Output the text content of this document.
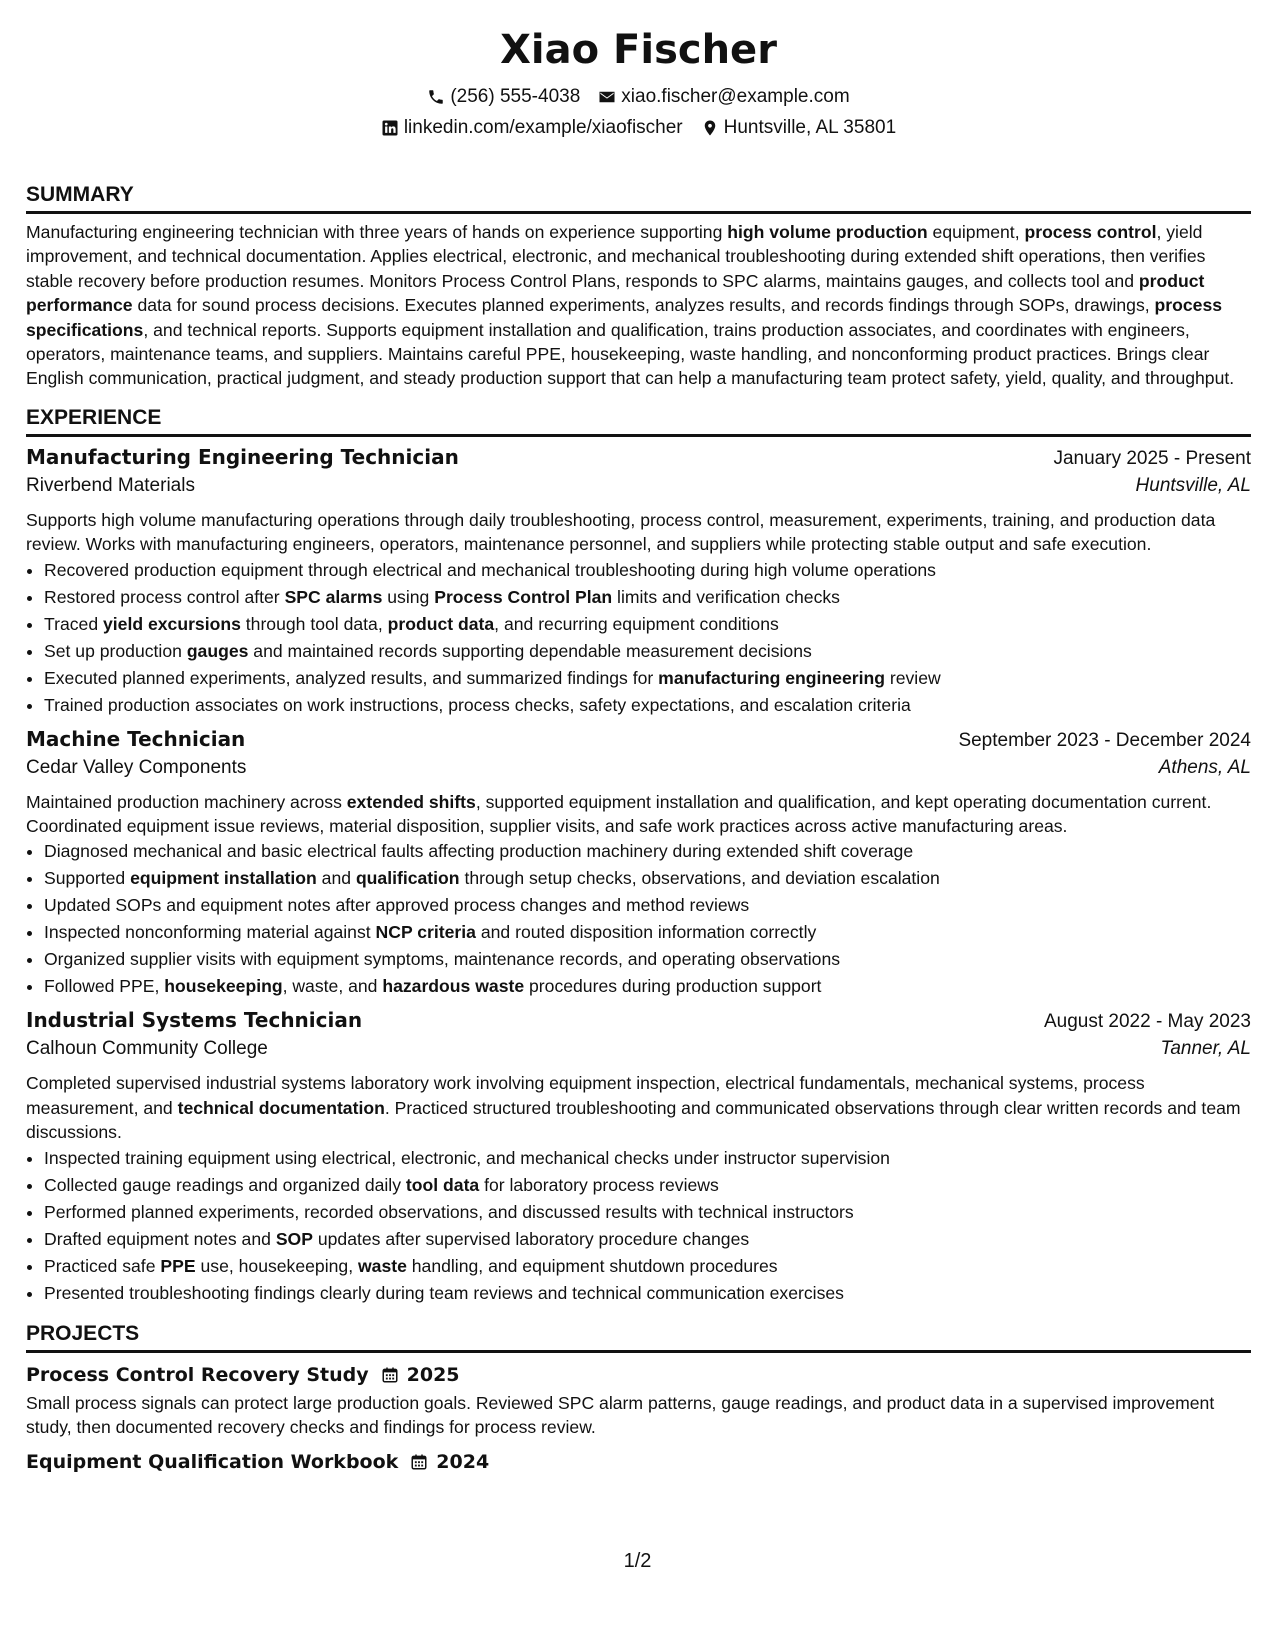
Xiao Fischer
(256) 555-4038 xiao.fischer@example.com
linkedin.com/example/xiaofischer Huntsville, AL 35801
SUMMARY

Manufacturing engineering technician with three years of hands on experience supporting high volume production equipment, process control, yield improvement, and technical documentation. Applies electrical, electronic, and mechanical troubleshooting during extended shift operations, then verifies stable recovery before production resumes. Monitors Process Control Plans, responds to SPC alarms, maintains gauges, and collects tool and product performance data for sound process decisions. Executes planned experiments, analyzes results, and records findings through SOPs, drawings, process specifications, and technical reports. Supports equipment installation and qualification, trains production associates, and coordinates with engineers, operators, maintenance teams, and suppliers. Maintains careful PPE, housekeeping, waste handling, and nonconforming product practices. Brings clear English communication, practical judgment, and steady production support that can help a manufacturing team protect safety, yield, quality, and throughput.

EXPERIENCE
Manufacturing Engineering Technician	January 2025 - Present
Riverbend Materials	Huntsville, AL

Supports high volume manufacturing operations through daily troubleshooting, process control, measurement, experiments, training, and production data review. Works with manufacturing engineers, operators, maintenance personnel, and suppliers while protecting stable output and safe execution.

• Recovered production equipment through electrical and mechanical troubleshooting during high volume operations
• Restored process control after SPC alarms using Process Control Plan limits and verification checks
• Traced yield excursions through tool data, product data, and recurring equipment conditions
• Set up production gauges and maintained records supporting dependable measurement decisions
• Executed planned experiments, analyzed results, and summarized findings for manufacturing engineering review
• Trained production associates on work instructions, process checks, safety expectations, and escalation criteria
Machine Technician	September 2023 - December 2024
Cedar Valley Components	Athens, AL

Maintained production machinery across extended shifts, supported equipment installation and qualification, and kept operating documentation current. Coordinated equipment issue reviews, material disposition, supplier visits, and safe work practices across active manufacturing areas.

• Diagnosed mechanical and basic electrical faults affecting production machinery during extended shift coverage
• Supported equipment installation and qualification through setup checks, observations, and deviation escalation
• Updated SOPs and equipment notes after approved process changes and method reviews
• Inspected nonconforming material against NCP criteria and routed disposition information correctly
• Organized supplier visits with equipment symptoms, maintenance records, and operating observations
• Followed PPE, housekeeping, waste, and hazardous waste procedures during production support
Industrial Systems Technician	August 2022 - May 2023
Calhoun Community College	Tanner, AL

Completed supervised industrial systems laboratory work involving equipment inspection, electrical fundamentals, mechanical systems, process measurement, and technical documentation. Practiced structured troubleshooting and communicated observations through clear written records and team discussions.

• Inspected training equipment using electrical, electronic, and mechanical checks under instructor supervision
• Collected gauge readings and organized daily tool data for laboratory process reviews
• Performed planned experiments, recorded observations, and discussed results with technical instructors
• Drafted equipment notes and SOP updates after supervised laboratory procedure changes
• Practiced safe PPE use, housekeeping, waste handling, and equipment shutdown procedures
• Presented troubleshooting findings clearly during team reviews and technical communication exercises
PROJECTS
Process Control Recovery Study 2025

Small process signals can protect large production goals. Reviewed SPC alarm patterns, gauge readings, and product data in a supervised improvement study, then documented recovery checks and findings for process review.

Equipment Qualification Workbook 2024
1/2
